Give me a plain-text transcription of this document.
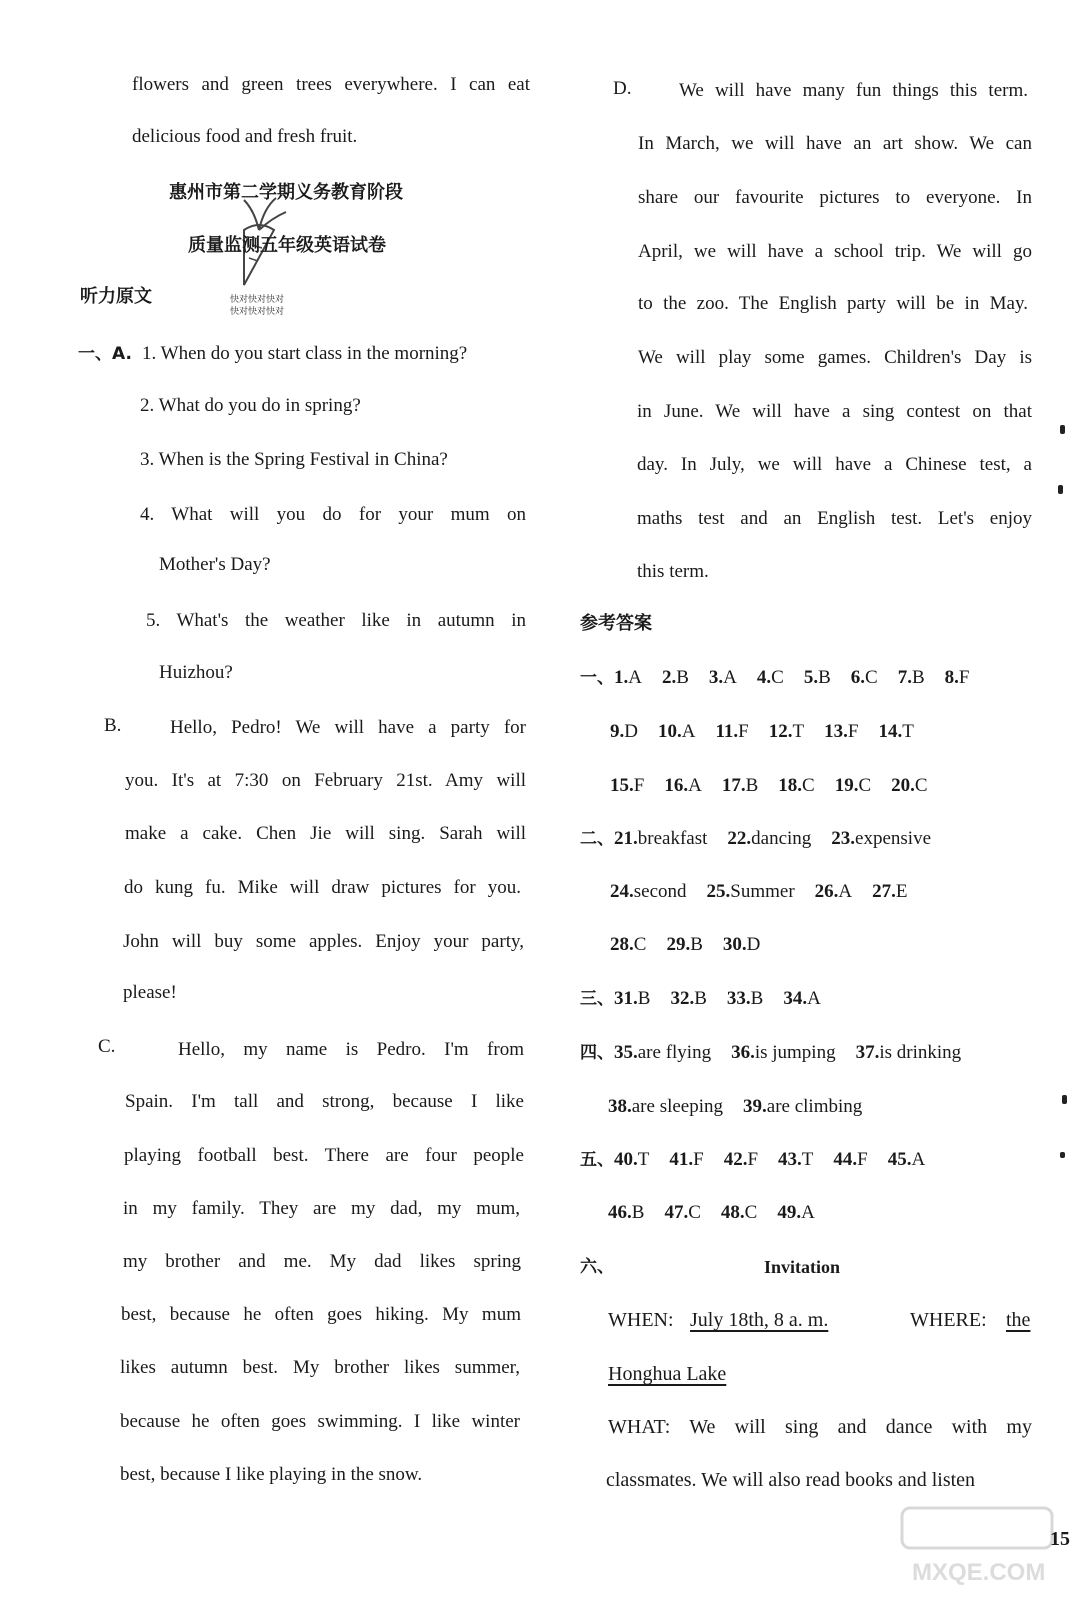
flowers and green trees everywhere. I can eat
delicious food and fresh fruit.
惠州市第二学期义务教育阶段
质量监测五年级英语试卷
听力原文	快对快对快对
快对快对快对
一、A. 1. When do you start class in the morning?
2. What do you do in spring?
3. When is the Spring Festival in China?
4. What will you do for your mum on
Mother's Day?
5. What's the weather like in autumn in
Huizhou?
B.	Hello, Pedro! We will have a party for
you. It's at 7:30 on February 21st. Amy will
make a cake. Chen Jie will sing. Sarah will
do kung fu. Mike will draw pictures for you.
John will buy some apples. Enjoy your party,
please!
C.	Hello, my name is Pedro. I'm from
Spain. I'm tall and strong, because I like
playing football best. There are four people
in my family. They are my dad, my mum,
my brother and me. My dad likes spring
best, because he often goes hiking. My mum
likes autumn best. My brother likes summer,
because he often goes swimming. I like winter
best, because I like playing in the snow.
D.	We will have many fun things this term.
In March, we will have an art show. We can
share our favourite pictures to everyone. In
April, we will have a school trip. We will go
to the zoo. The English party will be in May.
We will play some games. Children's Day is
in June. We will have a sing contest on that
day. In July, we will have a Chinese test, a
maths test and an English test. Let's enjoy
this term.
参考答案
一、1.A 2.B 3.A 4.C 5.B 6.C 7.B 8.F
9.D 10.A 11.F 12.T 13.F 14.T
15.F 16.A 17.B 18.C 19.C 20.C
二、21.breakfast 22.dancing 23.expensive
24.second 25.Summer 26.A 27.E
28.C 29.B 30.D
三、31.B 32.B 33.B 34.A
四、35.are flying 36.is jumping 37.is drinking
38.are sleeping 39.are climbing
五、40.T 41.F 42.F 43.T 44.F 45.A
46.B 47.C 48.C 49.A
六、	Invitation
WHEN: July 18th, 8 a. m.	WHERE: the
Honghua Lake
WHAT: We will sing and dance with my
classmates. We will also read books and listen
MXQE.COM
15
